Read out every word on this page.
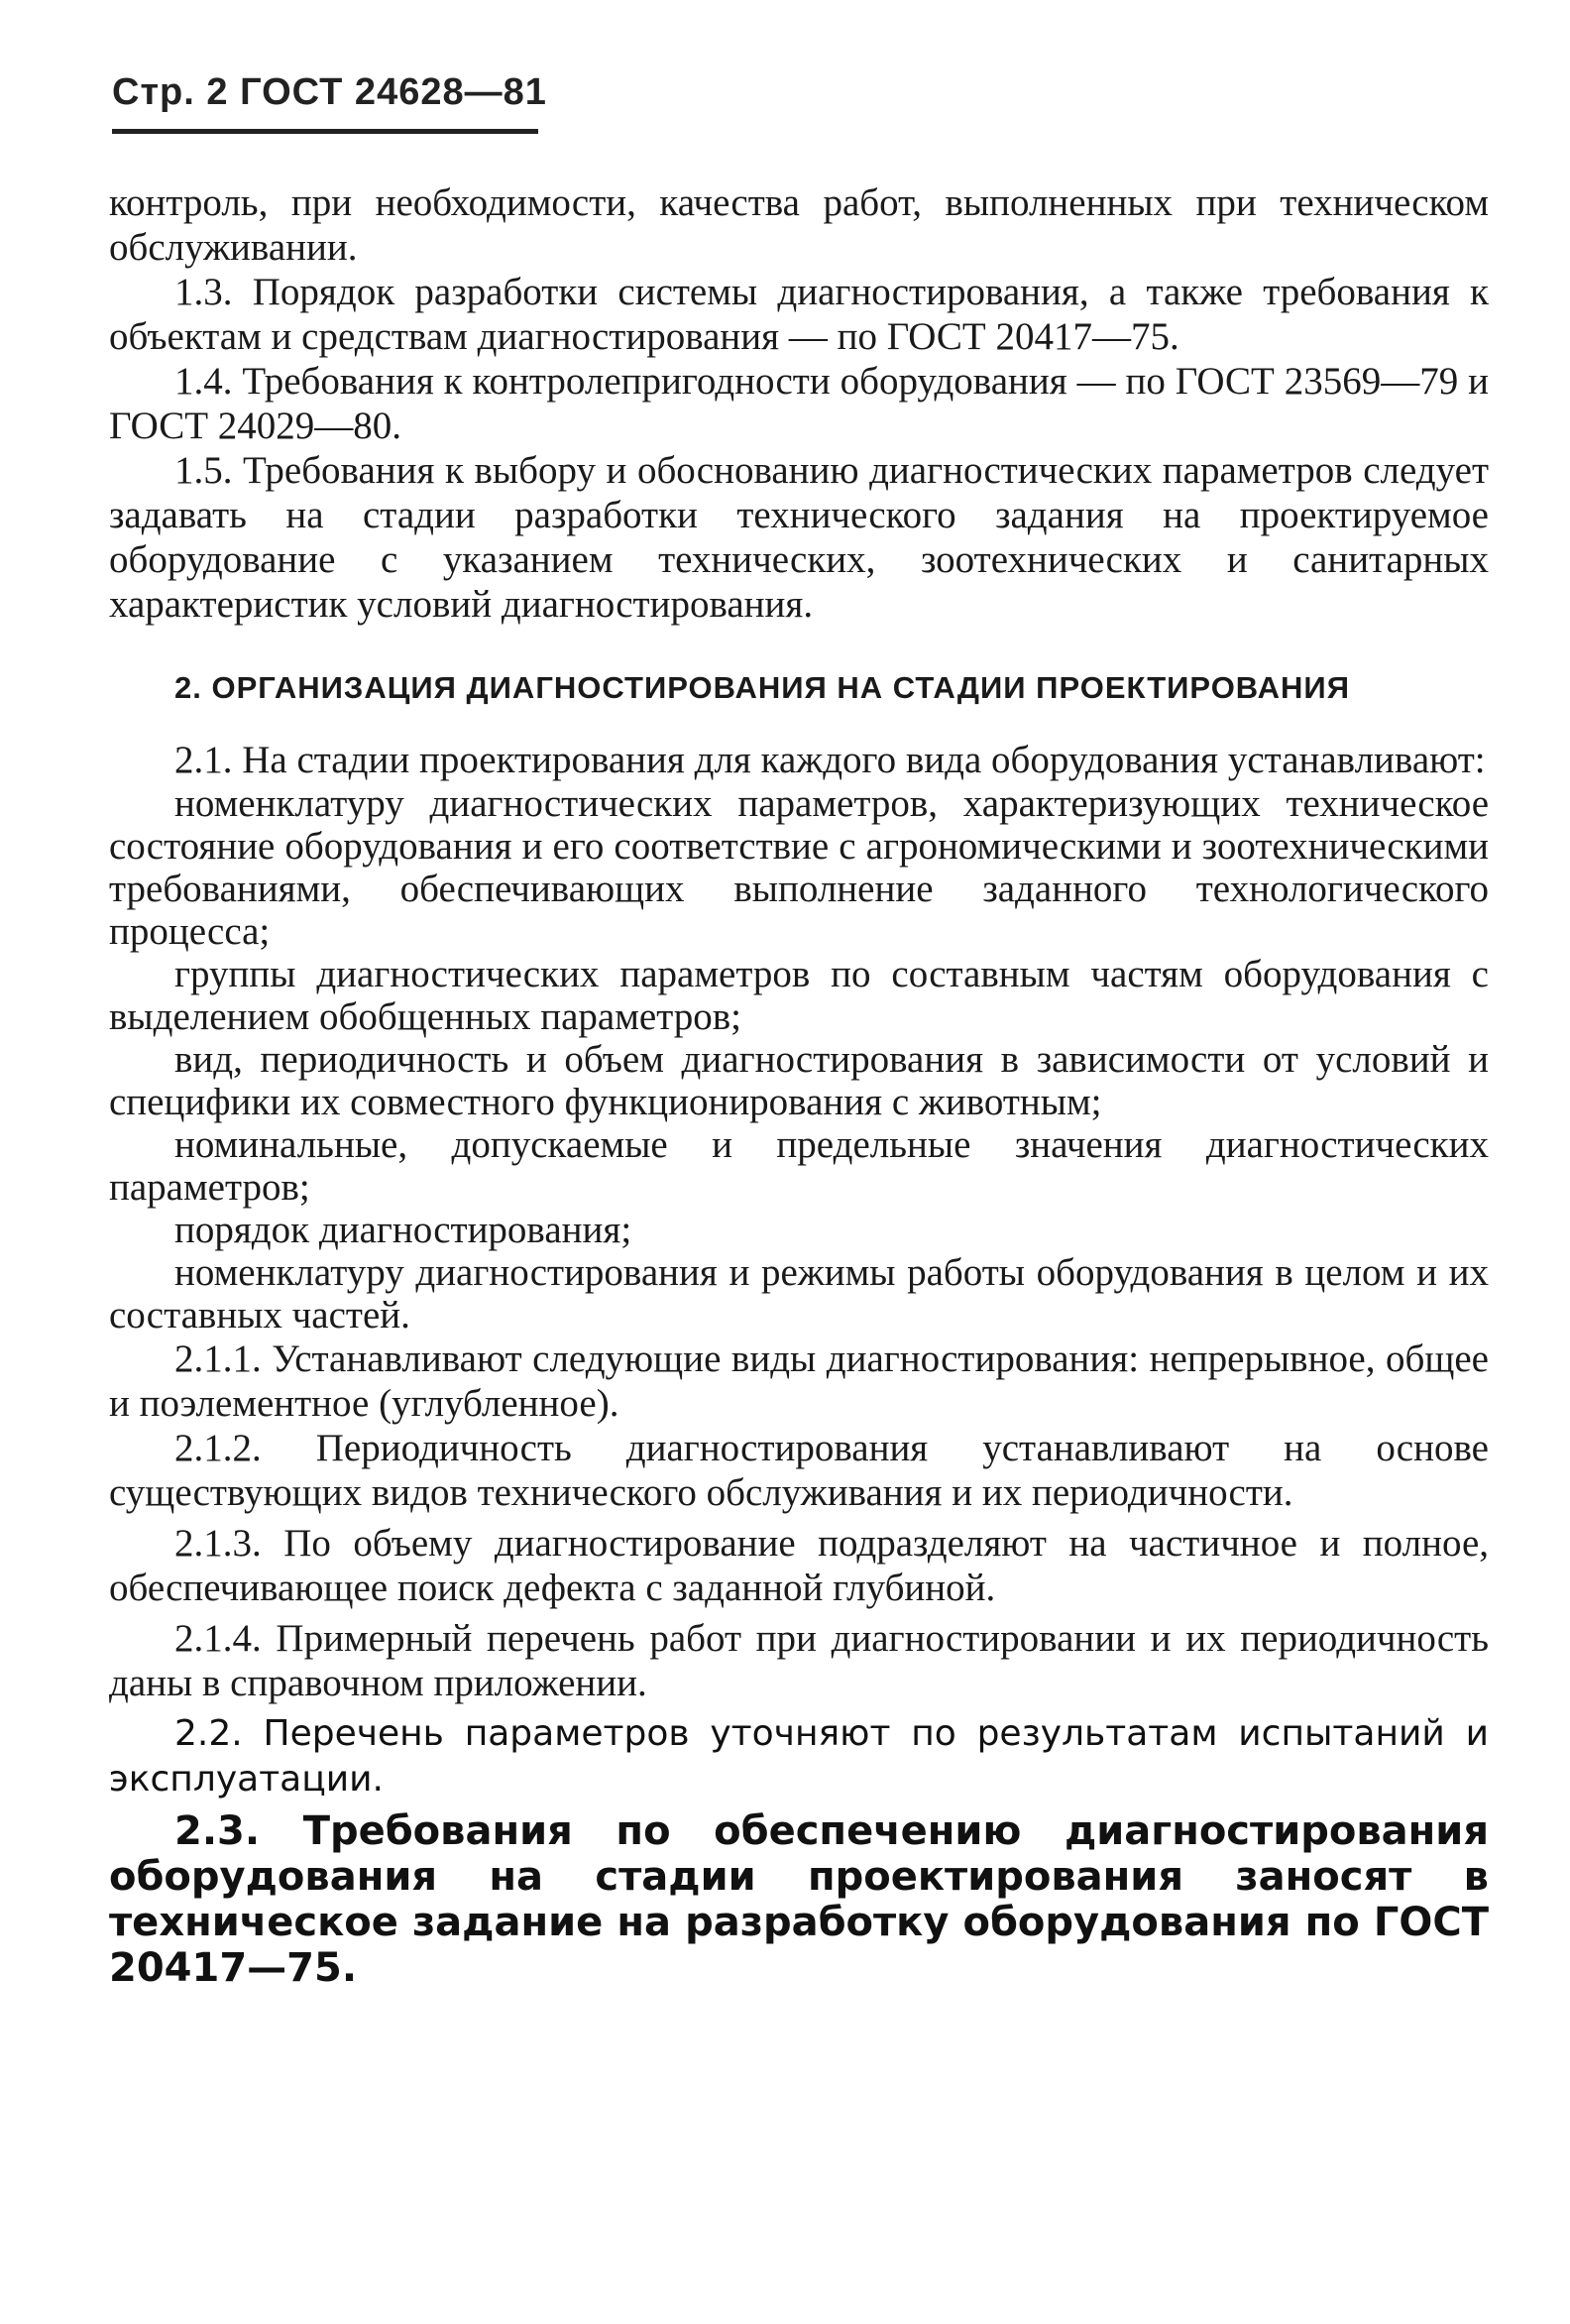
Стр. 2 ГОСТ 24628—81

контроль, при необходимости, качества работ, выполненных при техническом обслуживании.

1.3. Порядок разработки системы диагностирования, а также требования к объектам и средствам диагностирования — по ГОСТ 20417—75.

1.4. Требования к контролепригодности оборудования — по ГОСТ 23569—79 и ГОСТ 24029—80.

1.5. Требования к выбору и обоснованию диагностических параметров следует задавать на стадии разработки технического задания на проектируемое оборудование с указанием технических, зоотехнических и санитарных характеристик условий диагностирования.

2. ОРГАНИЗАЦИЯ ДИАГНОСТИРОВАНИЯ НА СТАДИИ ПРОЕКТИРОВАНИЯ

2.1. На стадии проектирования для каждого вида оборудования устанавливают:

номенклатуру диагностических параметров, характеризующих техническое состояние оборудования и его соответствие с агрономическими и зоотехническими требованиями, обеспечивающих выполнение заданного технологического процесса;

группы диагностических параметров по составным частям оборудования с выделением обобщенных параметров;

вид, периодичность и объем диагностирования в зависимости от условий и специфики их совместного функционирования с животным;

номинальные, допускаемые и предельные значения диагностических параметров;

порядок диагностирования;

номенклатуру диагностирования и режимы работы оборудования в целом и их составных частей.

2.1.1. Устанавливают следующие виды диагностирования: непрерывное, общее и поэлементное (углубленное).

2.1.2. Периодичность диагностирования устанавливают на основе существующих видов технического обслуживания и их периодичности.

2.1.3. По объему диагностирование подразделяют на частичное и полное, обеспечивающее поиск дефекта с заданной глубиной.

2.1.4. Примерный перечень работ при диагностировании и их периодичность даны в справочном приложении.

2.2. Перечень параметров уточняют по результатам испытаний и эксплуатации.

2.3. Требования по обеспечению диагностирования оборудования на стадии проектирования заносят в техническое задание на разработку оборудования по ГОСТ 20417—75.
